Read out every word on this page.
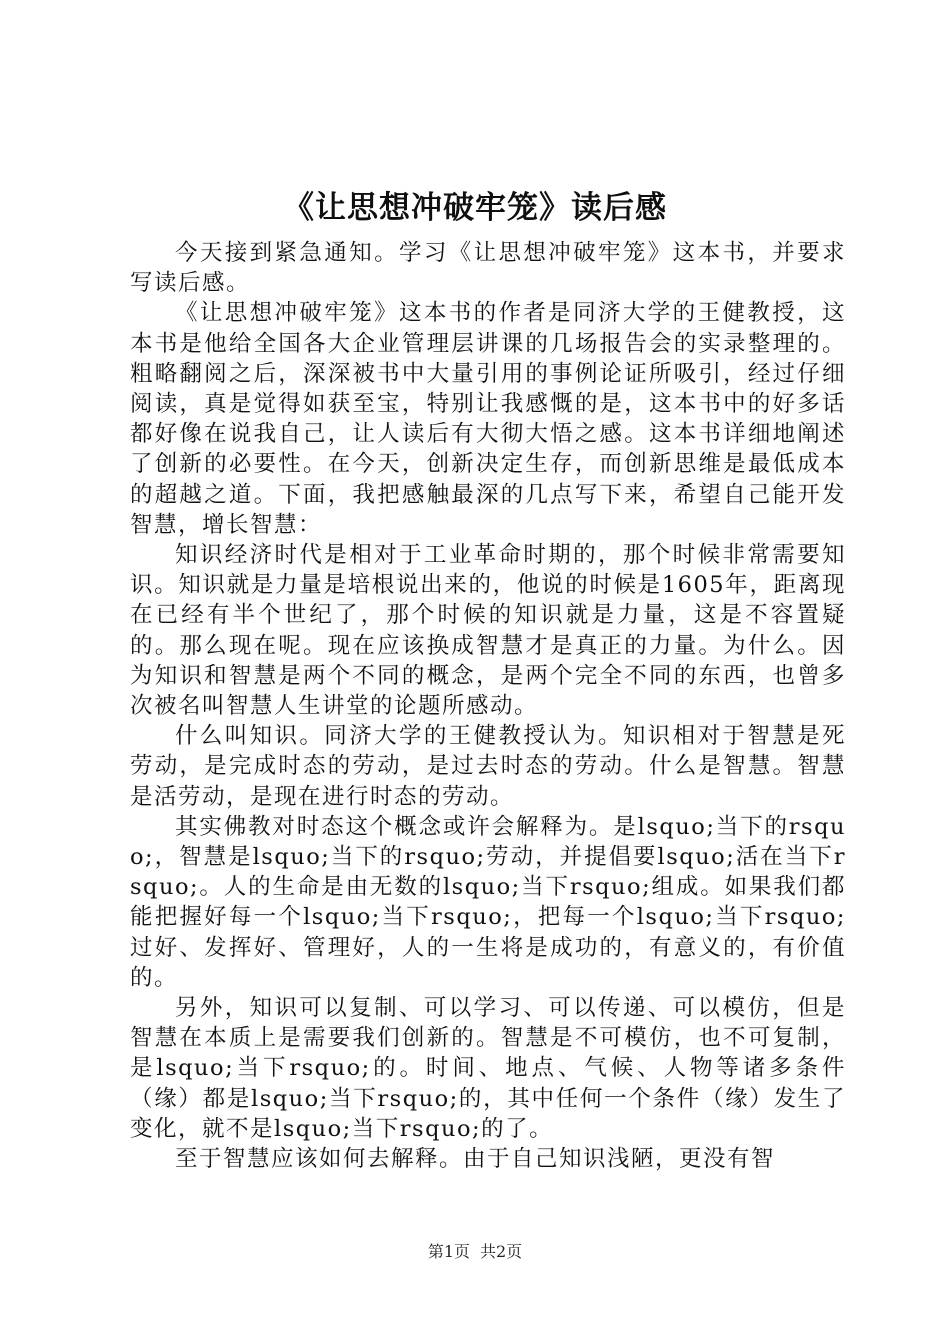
《让思想冲破牢笼》读后感

今天接到紧急通知。学习《让思想冲破牢笼》这本书，并要求写读后感。

《让思想冲破牢笼》这本书的作者是同济大学的王健教授，这本书是他给全国各大企业管理层讲课的几场报告会的实录整理的。粗略翻阅之后，深深被书中大量引用的事例论证所吸引，经过仔细阅读，真是觉得如获至宝，特别让我感慨的是，这本书中的好多话都好像在说我自己，让人读后有大彻大悟之感。这本书详细地阐述了创新的必要性。在今天，创新决定生存，而创新思维是最低成本的超越之道。下面，我把感触最深的几点写下来，希望自己能开发智慧，增长智慧：

知识经济时代是相对于工业革命时期的，那个时候非常需要知识。知识就是力量是培根说出来的，他说的时候是1605年，距离现在已经有半个世纪了，那个时候的知识就是力量，这是不容置疑的。那么现在呢。现在应该换成智慧才是真正的力量。为什么。因为知识和智慧是两个不同的概念，是两个完全不同的东西，也曾多次被名叫智慧人生讲堂的论题所感动。

什么叫知识。同济大学的王健教授认为。知识相对于智慧是死劳动，是完成时态的劳动，是过去时态的劳动。什么是智慧。智慧是活劳动，是现在进行时态的劳动。

其实佛教对时态这个概念或许会解释为。是lsquo;当下的rsquo;，智慧是lsquo;当下的rsquo;劳动，并提倡要lsquo;活在当下rsquo;。人的生命是由无数的lsquo;当下rsquo;组成。如果我们都能把握好每一个lsquo;当下rsquo;，把每一个lsquo;当下rsquo;过好、发挥好、管理好，人的一生将是成功的，有意义的，有价值的。

另外，知识可以复制、可以学习、可以传递、可以模仿，但是智慧在本质上是需要我们创新的。智慧是不可模仿，也不可复制，是lsquo;当下rsquo;的。时间、地点、气候、人物等诸多条件（缘）都是lsquo;当下rsquo;的，其中任何一个条件（缘）发生了变化，就不是lsquo;当下rsquo;的了。

至于智慧应该如何去解释。由于自己知识浅陋，更没有智

第1页 共2页
